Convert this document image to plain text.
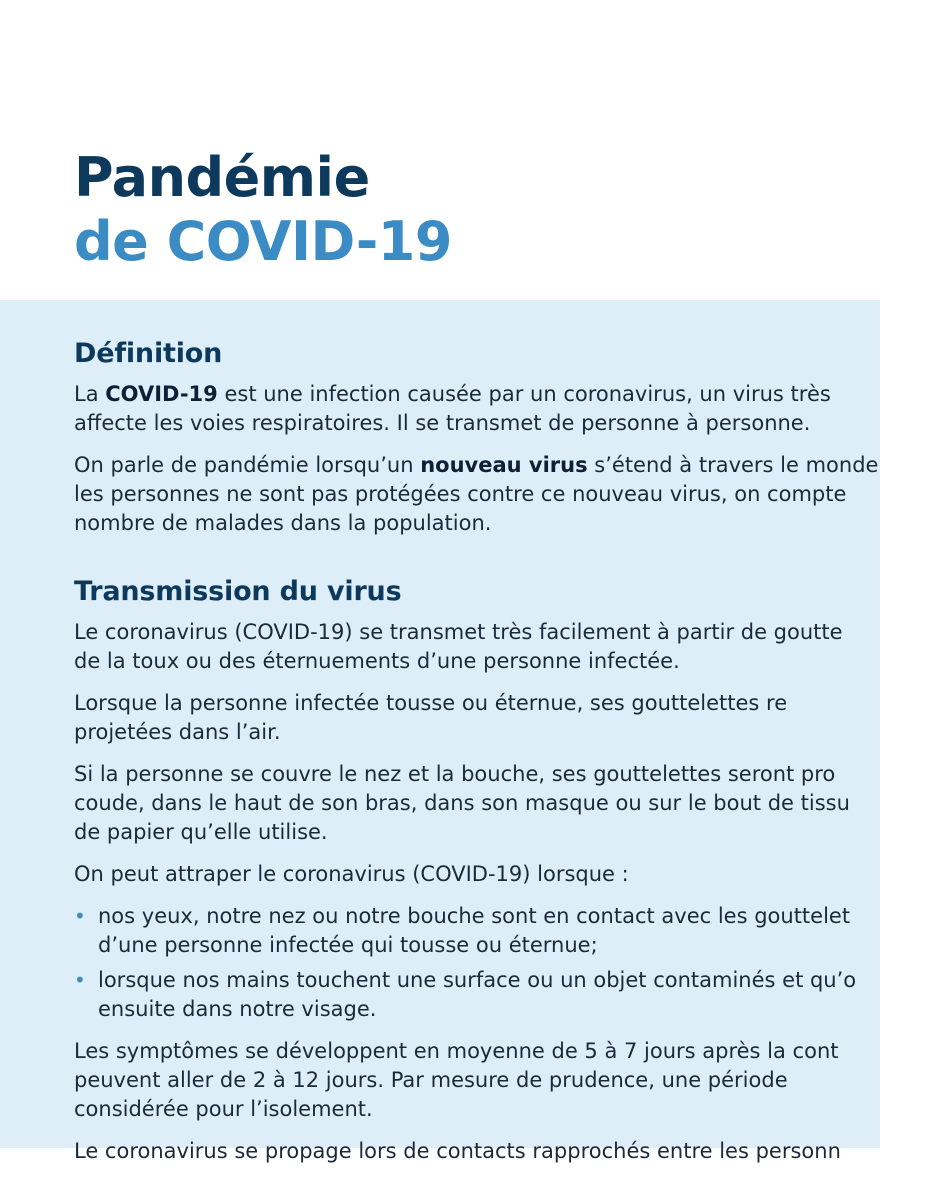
Pandémie
de COVID-19
Définition

La COVID-19 est une infection causée par un coronavirus, un virus très
affecte les voies respiratoires. Il se transmet de personne à personne.

On parle de pandémie lorsqu’un nouveau virus s’étend à travers le monde
les personnes ne sont pas protégées contre ce nouveau virus, on compte
nombre de malades dans la population.

Transmission du virus

Le coronavirus (COVID-19) se transmet très facilement à partir de goutte
de la toux ou des éternuements d’une personne infectée.

Lorsque la personne infectée tousse ou éternue, ses gouttelettes re
projetées dans l’air.

Si la personne se couvre le nez et la bouche, ses gouttelettes seront pro
coude, dans le haut de son bras, dans son masque ou sur le bout de tissu
de papier qu’elle utilise.

On peut attraper le coronavirus (COVID-19) lorsque :

• nos yeux, notre nez ou notre bouche sont en contact avec les gouttelet
d’une personne infectée qui tousse ou éternue;
• lorsque nos mains touchent une surface ou un objet contaminés et qu’o
ensuite dans notre visage.

Les symptômes se développent en moyenne de 5 à 7 jours après la cont
peuvent aller de 2 à 12 jours. Par mesure de prudence, une période
considérée pour l’isolement.

Le coronavirus se propage lors de contacts rapprochés entre les personn
